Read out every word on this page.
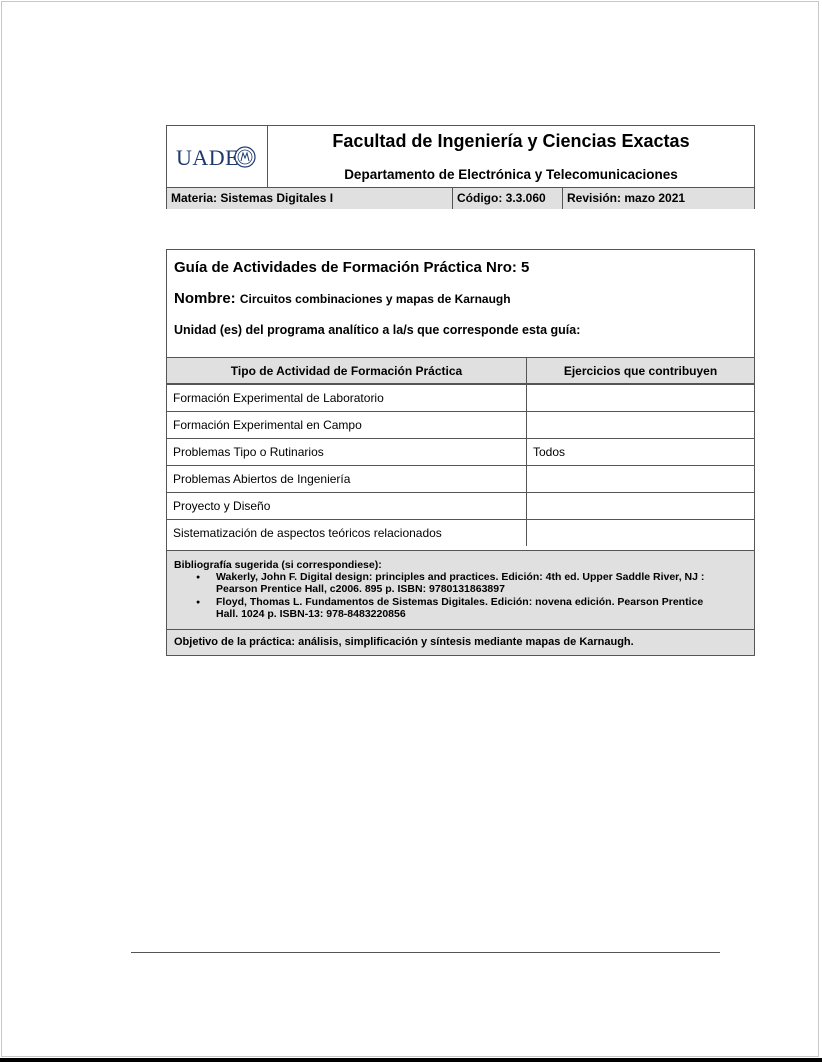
UADE
Facultad de Ingeniería y Ciencias Exactas
Departamento de Electrónica y Telecomunicaciones
Materia: Sistemas Digitales I	Código: 3.3.060	Revisión: mazo 2021
Guía de Actividades de Formación Práctica Nro: 5
Nombre: Circuitos combinaciones y mapas de Karnaugh
Unidad (es) del programa analítico a la/s que corresponde esta guía:
Tipo de Actividad de Formación Práctica	Ejercicios que contribuyen
Formación Experimental de Laboratorio
Formación Experimental en Campo
Problemas Tipo o Rutinarios	Todos
Problemas Abiertos de Ingeniería
Proyecto y Diseño
Sistematización de aspectos teóricos relacionados
Bibliografía sugerida (si correspondiese):
● Wakerly, John F. Digital design: principles and practices. Edición: 4th ed. Upper Saddle River, NJ :
Pearson Prentice Hall, c2006. 895 p. ISBN: 9780131863897
● Floyd, Thomas L. Fundamentos de Sistemas Digitales. Edición: novena edición. Pearson Prentice
Hall. 1024 p. ISBN-13: 978-8483220856
Objetivo de la práctica: análisis, simplificación y síntesis mediante mapas de Karnaugh.
